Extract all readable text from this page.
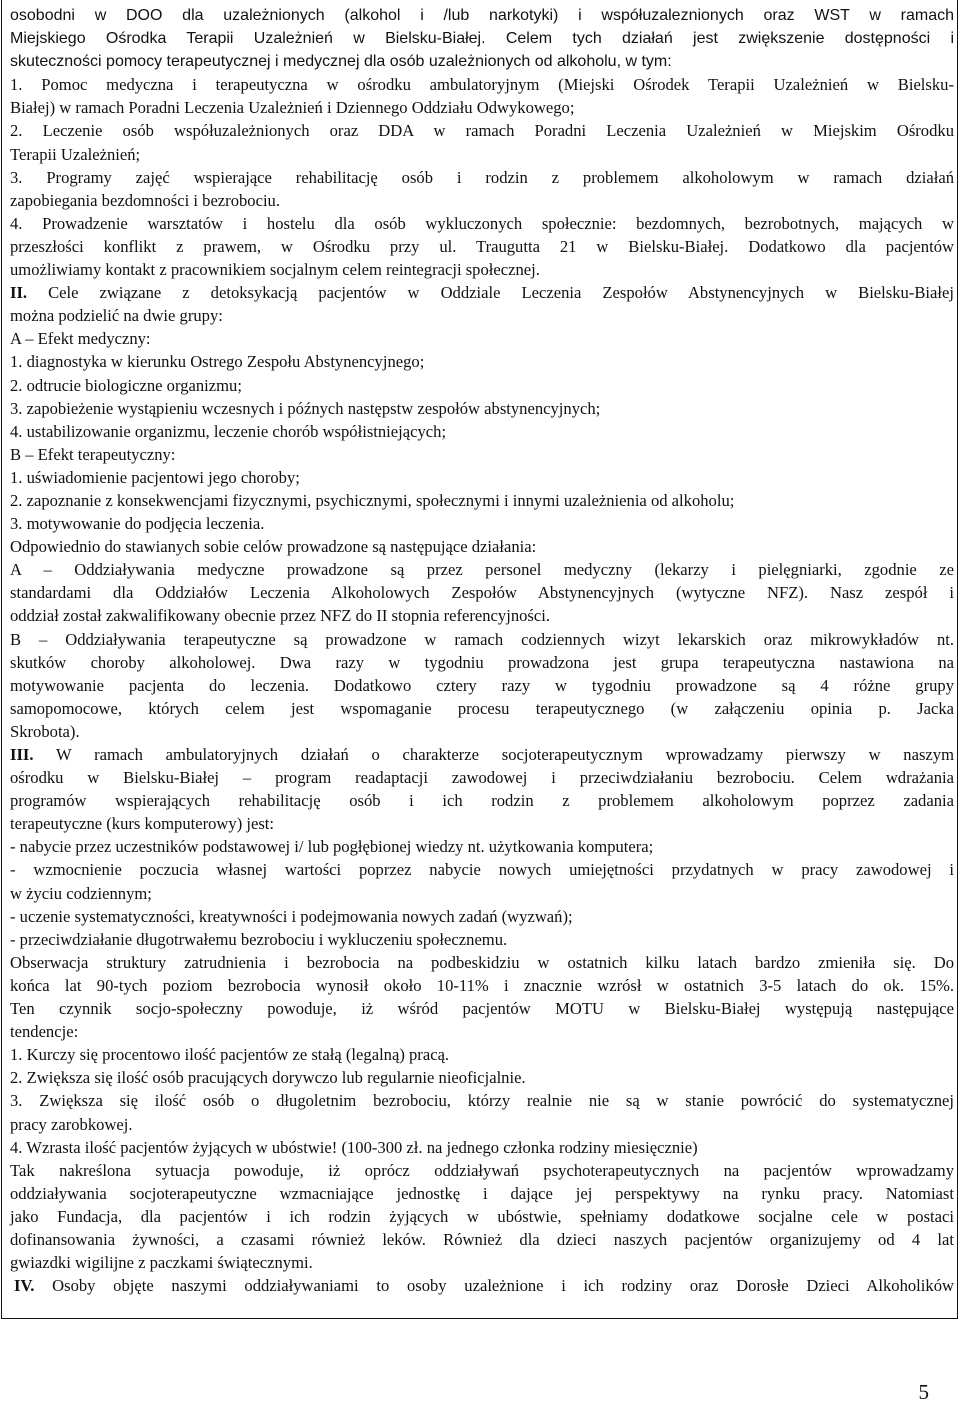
osobodni w DOO dla uzależnionych (alkohol i /lub narkotyki) i współuzaleznionych oraz WST w ramach
Miejskiego Ośrodka Terapii Uzależnień w Bielsku-Białej. Celem tych działań jest zwiększenie dostępności i
skuteczności pomocy terapeutycznej i medycznej dla osób uzależnionych od alkoholu, w tym:
1. Pomoc medyczna i terapeutyczna w ośrodku ambulatoryjnym (Miejski Ośrodek Terapii Uzależnień w Bielsku-
Białej) w ramach Poradni Leczenia Uzależnień i Dziennego Oddziału Odwykowego;
2. Leczenie osób współuzależnionych oraz DDA w ramach Poradni Leczenia Uzależnień w Miejskim Ośrodku
Terapii Uzależnień;
3. Programy zajęć wspierające rehabilitację osób i rodzin z problemem alkoholowym w ramach działań
zapobiegania bezdomności i bezrobociu.
4. Prowadzenie warsztatów i hostelu dla osób wykluczonych społecznie: bezdomnych, bezrobotnych, mających w
przeszłości konflikt z prawem, w Ośrodku przy ul. Traugutta 21 w Bielsku-Białej. Dodatkowo dla pacjentów
umożliwiamy kontakt z pracownikiem socjalnym celem reintegracji społecznej.
II. Cele związane z detoksykacją pacjentów w Oddziale Leczenia Zespołów Abstynencyjnych w Bielsku-Białej
można podzielić na dwie grupy:
A – Efekt medyczny:
1. diagnostyka w kierunku Ostrego Zespołu Abstynencyjnego;
2. odtrucie biologiczne organizmu;
3. zapobieżenie wystąpieniu wczesnych i późnych następstw zespołów abstynencyjnych;
4. ustabilizowanie organizmu, leczenie chorób współistniejących;
B – Efekt terapeutyczny:
1. uświadomienie pacjentowi jego choroby;
2. zapoznanie z konsekwencjami fizycznymi, psychicznymi, społecznymi i innymi uzależnienia od alkoholu;
3. motywowanie do podjęcia leczenia.
Odpowiednio do stawianych sobie celów prowadzone są następujące działania:
A – Oddziaływania medyczne prowadzone są przez personel medyczny (lekarzy i pielęgniarki, zgodnie ze
standardami dla Oddziałów Leczenia Alkoholowych Zespołów Abstynencyjnych (wytyczne NFZ). Nasz zespół i
oddział został zakwalifikowany obecnie przez NFZ do II stopnia referencyjności.
B – Oddziaływania terapeutyczne są prowadzone w ramach codziennych wizyt lekarskich oraz mikrowykładów nt.
skutków choroby alkoholowej. Dwa razy w tygodniu prowadzona jest grupa terapeutyczna nastawiona na
motywowanie pacjenta do leczenia. Dodatkowo cztery razy w tygodniu prowadzone są 4 różne grupy
samopomocowe, których celem jest wspomaganie procesu terapeutycznego (w załączeniu opinia p. Jacka
Skrobota).
III. W ramach ambulatoryjnych działań o charakterze socjoterapeutycznym wprowadzamy pierwszy w naszym
ośrodku w Bielsku-Białej – program readaptacji zawodowej i przeciwdziałaniu bezrobociu. Celem wdrażania
programów wspierających rehabilitację osób i ich rodzin z problemem alkoholowym poprzez zadania
terapeutyczne (kurs komputerowy) jest:
- nabycie przez uczestników podstawowej i/ lub pogłębionej wiedzy nt. użytkowania komputera;
- wzmocnienie poczucia własnej wartości poprzez nabycie nowych umiejętności przydatnych w pracy zawodowej i
w życiu codziennym;
- uczenie systematyczności, kreatywności i podejmowania nowych zadań (wyzwań);
- przeciwdziałanie długotrwałemu bezrobociu i wykluczeniu społecznemu.
Obserwacja struktury zatrudnienia i bezrobocia na podbeskidziu w ostatnich kilku latach bardzo zmieniła się. Do
końca lat 90-tych poziom bezrobocia wynosił około 10-11% i znacznie wzrósł w ostatnich 3-5 latach do ok. 15%.
Ten czynnik socjo-społeczny powoduje, iż wśród pacjentów MOTU w Bielsku-Białej występują następujące
tendencje:
1. Kurczy się procentowo ilość pacjentów ze stałą (legalną) pracą.
2. Zwiększa się ilość osób pracujących dorywczo lub regularnie nieoficjalnie.
3. Zwiększa się ilość osób o długoletnim bezrobociu, którzy realnie nie są w stanie powrócić do systematycznej
pracy zarobkowej.
4. Wzrasta ilość pacjentów żyjących w ubóstwie! (100-300 zł. na jednego członka rodziny miesięcznie)
Tak nakreślona sytuacja powoduje, iż oprócz oddziaływań psychoterapeutycznych na pacjentów wprowadzamy
oddziaływania socjoterapeutyczne wzmacniające jednostkę i dające jej perspektywy na rynku pracy. Natomiast
jako Fundacja, dla pacjentów i ich rodzin żyjących w ubóstwie, spełniamy dodatkowe socjalne cele w postaci
dofinansowania żywności, a czasami również leków. Również dla dzieci naszych pacjentów organizujemy od 4 lat
gwiazdki wigilijne z paczkami świątecznymi.
IV. Osoby objęte naszymi oddziaływaniami to osoby uzależnione i ich rodziny oraz Dorosłe Dzieci Alkoholików
5
